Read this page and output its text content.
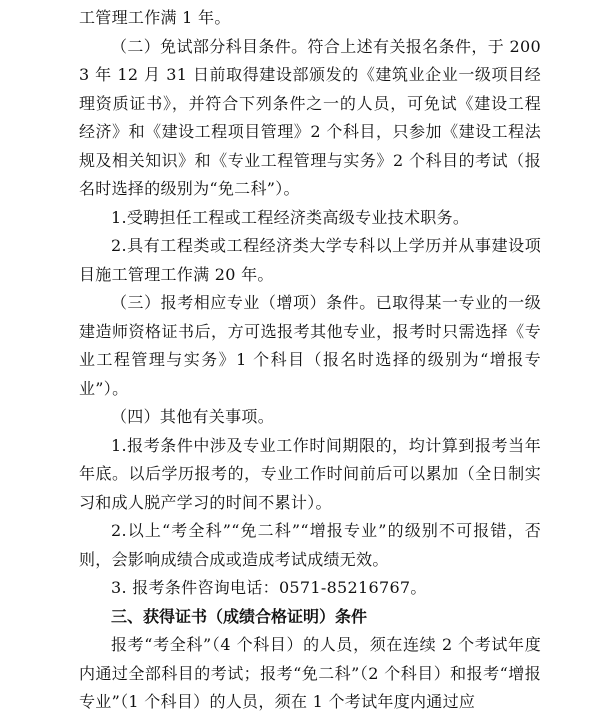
工管理工作满 1 年。

（二）免试部分科目条件。符合上述有关报名条件，于 2003 年 12 月 31 日前取得建设部颁发的《建筑业企业一级项目经理资质证书》，并符合下列条件之一的人员，可免试《建设工程经济》和《建设工程项目管理》2 个科目，只参加《建设工程法规及相关知识》和《专业工程管理与实务》2 个科目的考试（报名时选择的级别为“免二科”）。

1.受聘担任工程或工程经济类高级专业技术职务。

2.具有工程类或工程经济类大学专科以上学历并从事建设项目施工管理工作满 20 年。

（三）报考相应专业（增项）条件。已取得某一专业的一级建造师资格证书后，方可选报考其他专业，报考时只需选择《专业工程管理与实务》1 个科目（报名时选择的级别为“增报专业”）。

（四）其他有关事项。

1.报考条件中涉及专业工作时间期限的，均计算到报考当年年底。以后学历报考的，专业工作时间前后可以累加（全日制实习和成人脱产学习的时间不累计）。

2.以上“考全科”“免二科”“增报专业”的级别不可报错，否则，会影响成绩合成或造成考试成绩无效。

3. 报考条件咨询电话：0571-85216767。

三、获得证书（成绩合格证明）条件

报考“考全科”（4 个科目）的人员，须在连续 2 个考试年度内通过全部科目的考试；报考“免二科”（2 个科目）和报考“增报专业”（1 个科目）的人员，须在 1 个考试年度内通过应
